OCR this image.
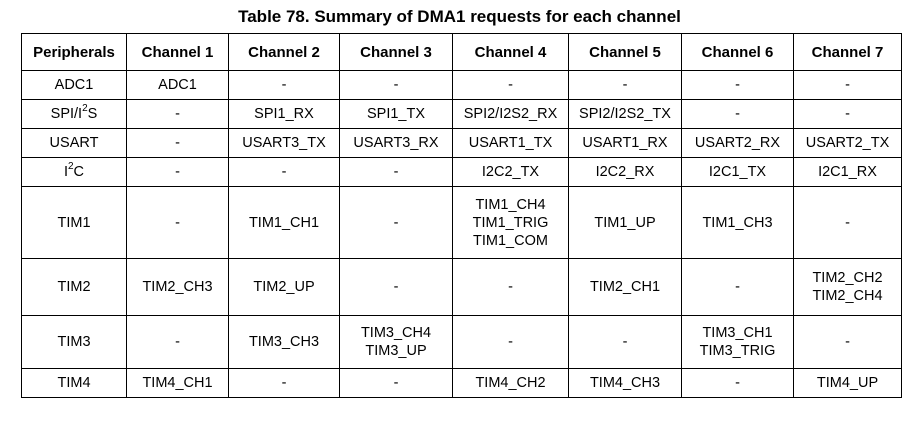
Table 78. Summary of DMA1 requests for each channel
Peripherals	Channel 1	Channel 2	Channel 3	Channel 4	Channel 5	Channel 6	Channel 7
ADC1	ADC1	-	-	-	-	-	-

SPI/$I^2S$	-	SPI1_RX	SPI1_TX	SPI2/I2S2_RX	SPI2/I2S2_TX	-	-

USART	-	USART3_TX	USART3_RX	USART1_TX	USART1_RX	USART2_RX	USART2_TX

$I^2C$	-	-	-	I2C2_TX	I2C2_RX	I2C1_TX	I2C1_RX

TIM1	-	TIM1_CH1	-	TIM1_CH4
TIM1_TRIG
TIM1_COM	TIM1_UP	TIM1_CH3	-

TIM2	TIM2_CH3	TIM2_UP	-	-	TIM2_CH1	-	TIM2_CH2
TIM2_CH4

TIM3	-	TIM3_CH3	TIM3_CH4
TIM3_UP	-	-	TIM3_CH1
TIM3_TRIG	-

TIM4	TIM4_CH1	-	-	TIM4_CH2	TIM4_CH3	-	TIM4_UP
